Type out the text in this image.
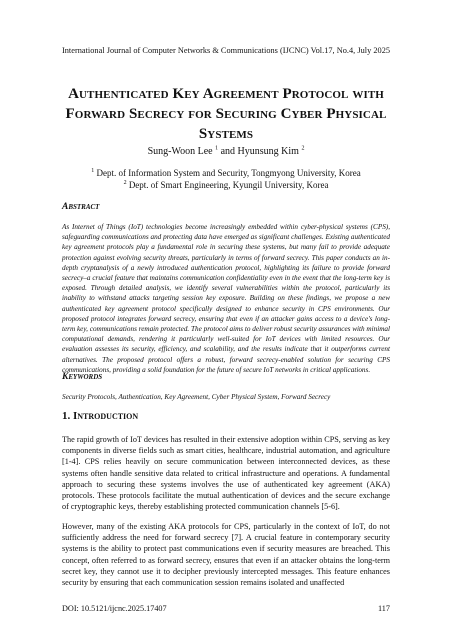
International Journal of Computer Networks & Communications (IJCNC) Vol.17, No.4, July 2025
Authenticated Key Agreement Protocol with Forward Secrecy for Securing Cyber Physical Systems
Sung-Woon Lee $^1$ and Hyunsung Kim $^2$
$^1$ Dept. of Information System and Security, Tongmyong University, Korea
$^2$ Dept. of Smart Engineering, Kyungil University, Korea
Abstract
As Internet of Things (IoT) technologies become increasingly embedded within cyber-physical systems (CPS), safeguarding communications and protecting data have emerged as significant challenges. Existing authenticated key agreement protocols play a fundamental role in securing these systems, but many fail to provide adequate protection against evolving security threats, particularly in terms of forward secrecy. This paper conducts an in-depth cryptanalysis of a newly introduced authentication protocol, highlighting its failure to provide forward secrecy–a crucial feature that maintains communication confidentiality even in the event that the long-term key is exposed. Through detailed analysis, we identify several vulnerabilities within the protocol, particularly its inability to withstand attacks targeting session key exposure. Building on these findings, we propose a new authenticated key agreement protocol specifically designed to enhance security in CPS environments. Our proposed protocol integrates forward secrecy, ensuring that even if an attacker gains access to a device's long-term key, communications remain protected. The protocol aims to deliver robust security assurances with minimal computational demands, rendering it particularly well-suited for IoT devices with limited resources. Our evaluation assesses its security, efficiency, and scalability, and the results indicate that it outperforms current alternatives. The proposed protocol offers a robust, forward secrecy-enabled solution for securing CPS communications, providing a solid foundation for the future of secure IoT networks in critical applications.
Keywords
Security Protocols, Authentication, Key Agreement, Cyber Physical System, Forward Secrecy
1. Introduction
The rapid growth of IoT devices has resulted in their extensive adoption within CPS, serving as key components in diverse fields such as smart cities, healthcare, industrial automation, and agriculture [1-4]. CPS relies heavily on secure communication between interconnected devices, as these systems often handle sensitive data related to critical infrastructure and operations. A fundamental approach to securing these systems involves the use of authenticated key agreement (AKA) protocols. These protocols facilitate the mutual authentication of devices and the secure exchange of cryptographic keys, thereby establishing protected communication channels [5-6].
However, many of the existing AKA protocols for CPS, particularly in the context of IoT, do not sufficiently address the need for forward secrecy [7]. A crucial feature in contemporary security systems is the ability to protect past communications even if security measures are breached. This concept, often referred to as forward secrecy, ensures that even if an attacker obtains the long-term secret key, they cannot use it to decipher previously intercepted messages. This feature enhances security by ensuring that each communication session remains isolated and unaffected
DOI: 10.5121/ijcnc.2025.17407	117
